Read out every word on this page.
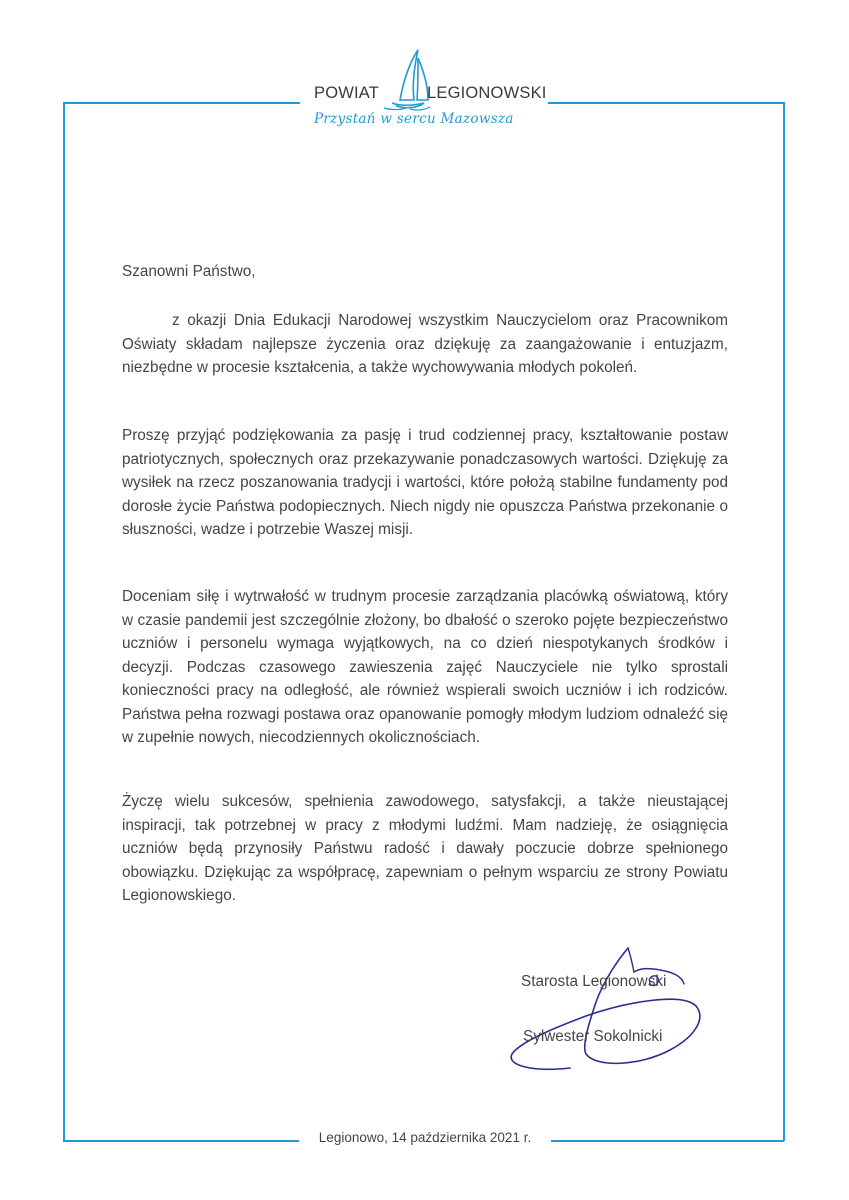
POWIAT	LEGIONOWSKI
Przystań w sercu Mazowsza
Szanowni Państwo,

z okazji Dnia Edukacji Narodowej wszystkim Nauczycielom oraz Pracownikom Oświaty składam najlepsze życzenia oraz dziękuję za zaangażowanie i entuzjazm, niezbędne w procesie kształcenia, a także wychowywania młodych pokoleń.

Proszę przyjąć podziękowania za pasję i trud codziennej pracy, kształtowanie postaw patriotycznych, społecznych oraz przekazywanie ponadczasowych wartości. Dziękuję za wysiłek na rzecz poszanowania tradycji i wartości, które położą stabilne fundamenty pod dorosłe życie Państwa podopiecznych. Niech nigdy nie opuszcza Państwa przekonanie o słuszności, wadze i potrzebie Waszej misji.

Doceniam siłę i wytrwałość w trudnym procesie zarządzania placówką oświatową, który w czasie pandemii jest szczególnie złożony, bo dbałość o szeroko pojęte bezpieczeństwo uczniów i personelu wymaga wyjątkowych, na co dzień niespotykanych środków i decyzji. Podczas czasowego zawieszenia zajęć Nauczyciele nie tylko sprostali konieczności pracy na odległość, ale również wspierali swoich uczniów i ich rodziców. Państwa pełna rozwagi postawa oraz opanowanie pomogły młodym ludziom odnaleźć się w zupełnie nowych, niecodziennych okolicznościach.

Życzę wielu sukcesów, spełnienia zawodowego, satysfakcji, a także nieustającej inspiracji, tak potrzebnej w pracy z młodymi ludźmi. Mam nadzieję, że osiągnięcia uczniów będą przynosiły Państwu radość i dawały poczucie dobrze spełnionego obowiązku. Dziękując za współpracę, zapewniam o pełnym wsparciu ze strony Powiatu Legionowskiego.

Starosta Legionowski
Sylwester Sokolnicki
Legionowo, 14 października 2021 r.
